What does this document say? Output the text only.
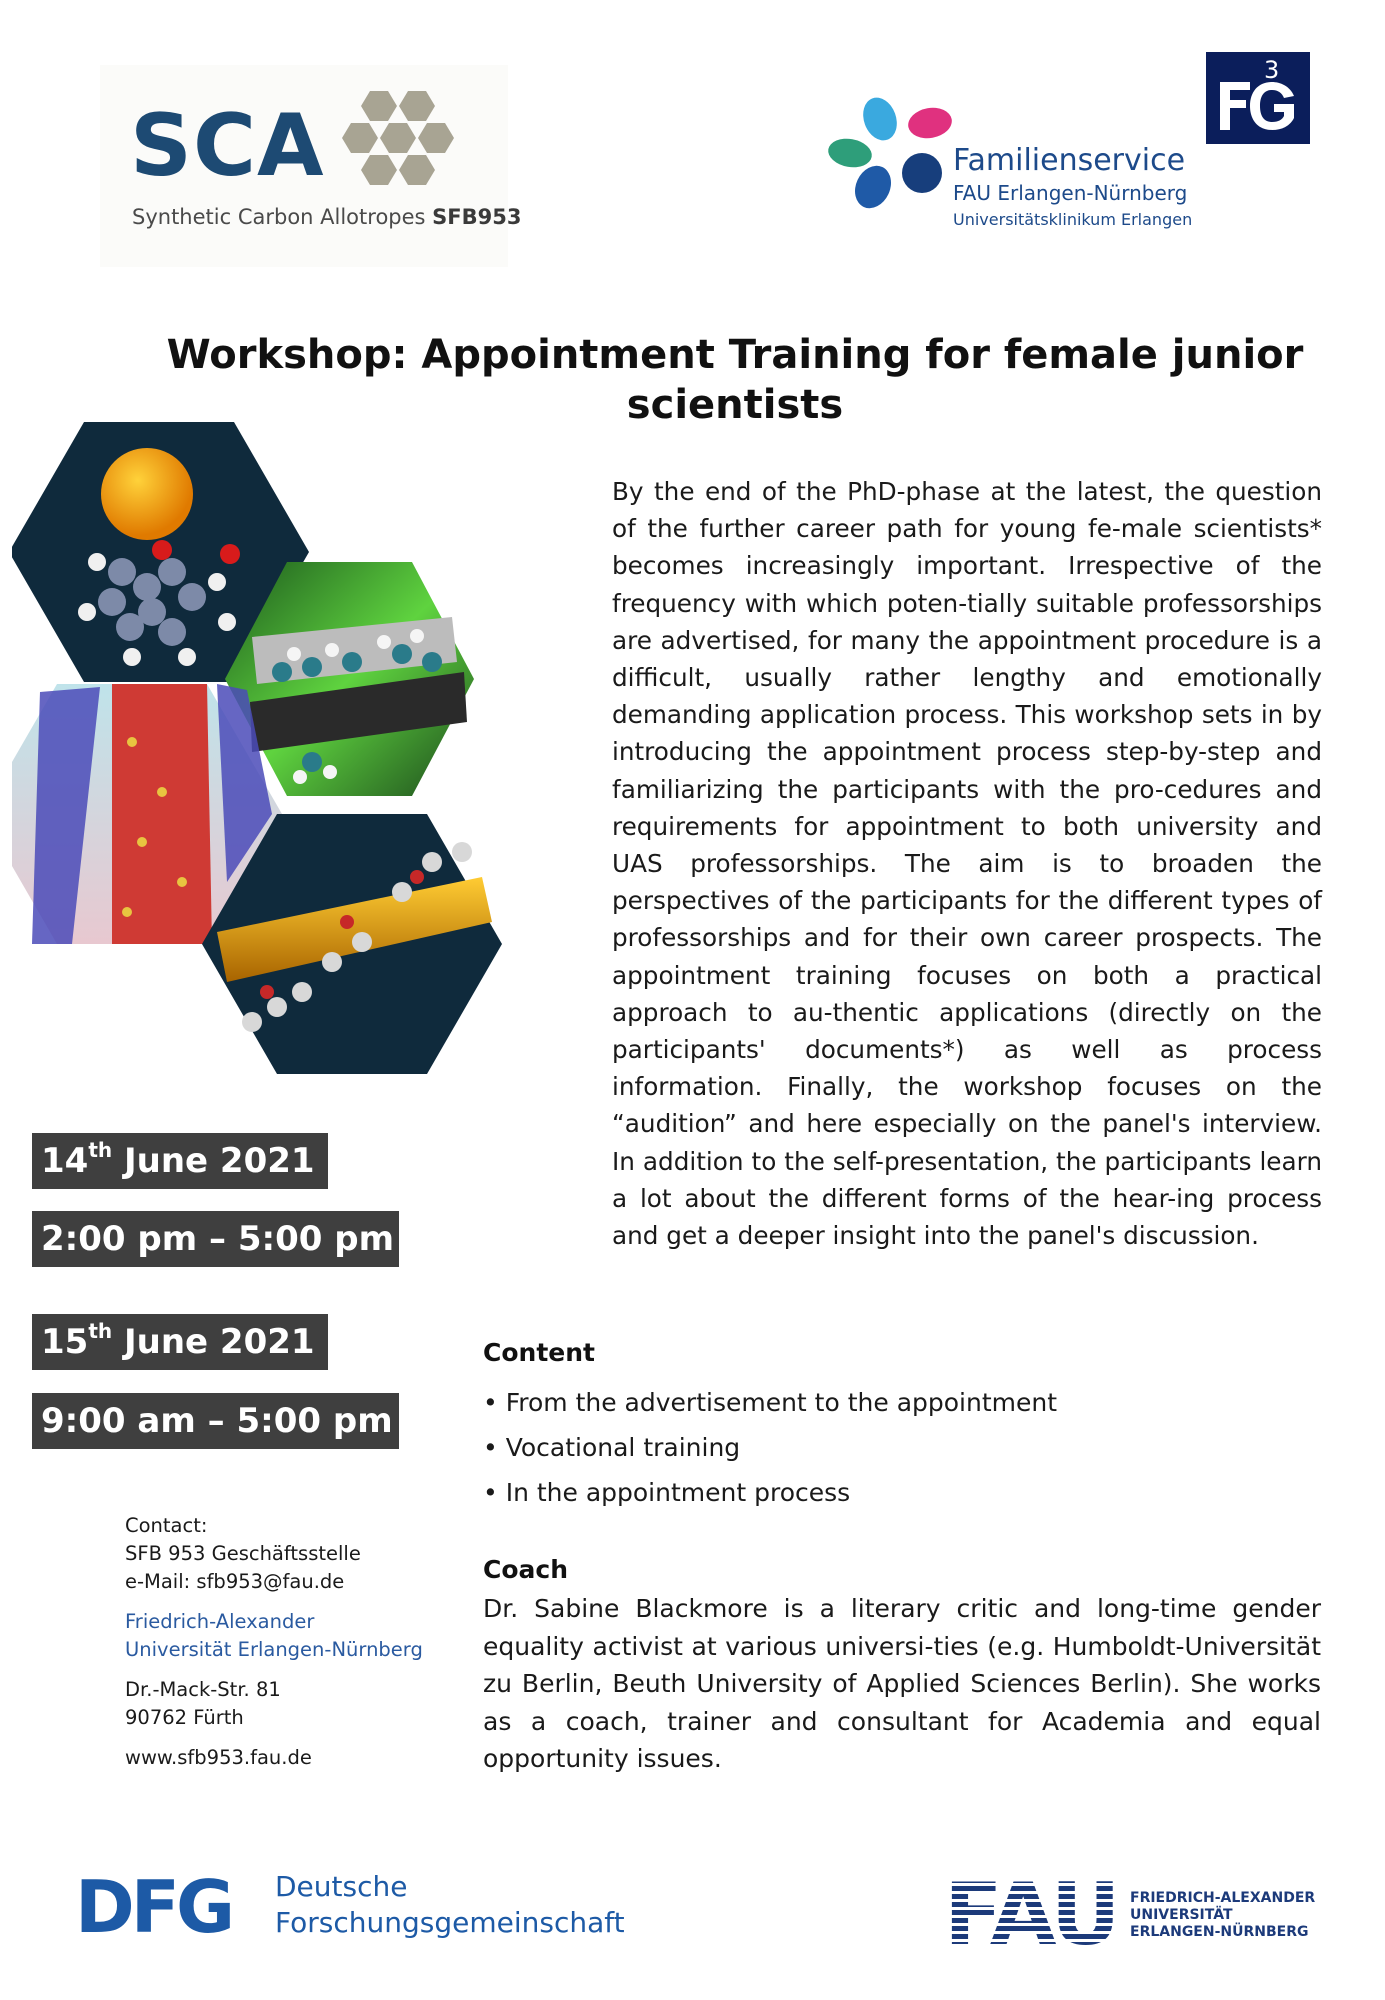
SCA
Synthetic Carbon Allotropes SFB953
Familienservice
FAU Erlangen-Nürnberg
Universitätsklinikum Erlangen
3
Workshop: Appointment Training for female junior
scientists
By the end of the PhD-phase at the latest, the question of the further career path for young fe-male scientists* becomes increasingly important. Irrespective of the frequency with which poten-tially suitable professorships are advertised, for many the appointment procedure is a difficult, usually rather lengthy and emotionally demanding application process. This workshop sets in by introducing the appointment process step-by-step and familiarizing the participants with the pro-cedures and requirements for appointment to both university and UAS professorships. The aim is to broaden the perspectives of the participants for the different types of professorships and for their own career prospects. The appointment training focuses on both a practical approach to au-thentic applications (directly on the participants' documents*) as well as process information. Finally, the workshop focuses on the “audition” and here especially on the panel's interview. In addition to the self-presentation, the participants learn a lot about the different forms of the hear-ing process and get a deeper insight into the panel's discussion.
14th June 2021
2:00 pm – 5:00 pm
15th June 2021
9:00 am – 5:00 pm
Contact:
SFB 953 Geschäftsstelle
e-Mail: sfb953@fau.de
Friedrich-Alexander
Universität Erlangen-Nürnberg
Dr.-Mack-Str. 81
90762 Fürth
www.sfb953.fau.de
Content
• From the advertisement to the appointment
• Vocational training
• In the appointment process
Coach
Dr. Sabine Blackmore is a literary critic and long-time gender equality activist at various universi-ties (e.g. Humboldt-Universität zu Berlin, Beuth University of Applied Sciences Berlin). She works as a coach, trainer and consultant for Academia and equal opportunity issues.
DFG Deutsche
Forschungsgemeinschaft	FAU FRIEDRICH-ALEXANDER
UNIVERSITÄT
ERLANGEN-NÜRNBERG
